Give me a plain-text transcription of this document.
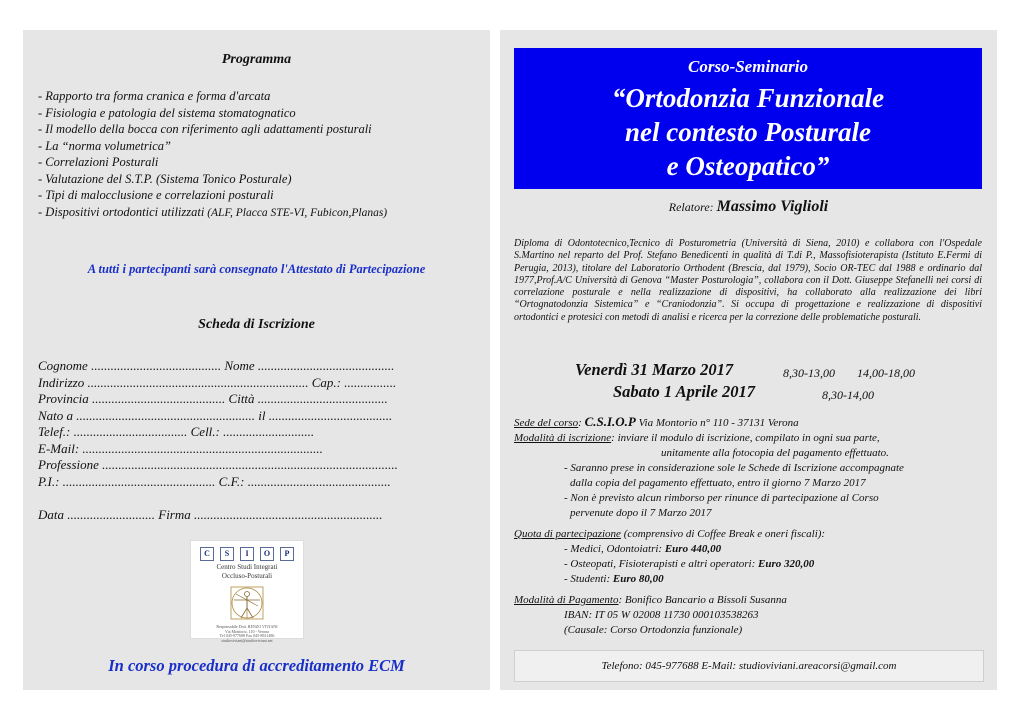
Programma
- Rapporto tra forma cranica e forma d'arcata
- Fisiologia e patologia del sistema stomatognatico
- Il modello della bocca con riferimento agli adattamenti posturali
- La “norma volumetrica”
- Correlazioni Posturali
- Valutazione del S.T.P. (Sistema Tonico Posturale)
- Tipi di malocclusione e correlazioni posturali
- Dispositivi ortodontici utilizzati (ALF, Placca STE-VI, Fubicon,Planas)
A tutti i partecipanti sarà consegnato l'Attestato di Partecipazione
Scheda di Iscrizione
Cognome ........................................ Nome ..........................................
Indirizzo .................................................................... Cap.: ................
Provincia ......................................... Città ........................................
Nato a ....................................................... il ......................................
Telef.: ................................... Cell.: ............................
E-Mail: ..........................................................................
Professione ...........................................................................................
P.I.: ............................................... C.F.: ............................................
Data ........................... Firma ..........................................................
C S I O P
Centro Studi Integrati
Occluso-Posturali
Responsabile Dott. RENZO VIVIANI
Via Montorio, 110 - Verona
Tel 045-977688 Fax 045-8921486 studioviviani@studioviviani.net
In corso procedura di accreditamento ECM
Corso-Seminario
“Ortodonzia Funzionale
nel contesto Posturale
e Osteopatico”
Relatore: Massimo Viglioli
Diploma di Odontotecnico,Tecnico di Posturometria (Università di Siena, 2010) e collabora con l'Ospedale S.Martino nel reparto del Prof. Stefano Benedicenti in qualità di T.di P., Massofisioterapista (Istituto E.Fermi di Perugia, 2013), titolare del Laboratorio Orthodent (Brescia, dal 1979), Socio OR-TEC dal 1988 e ordinario dal 1977,Prof.A/C Università di Genova “Master Posturologia”, collabora con il Dott. Giuseppe Stefanelli nei corsi di correlazione posturale e nella realizzazione di dispositivi, ha collaborato alla realizzazione dei libri “Ortognatodonzia Sistemica” e “Craniodonzia”. Si occupa di progettazione e realizzazione di dispositivi ortodontici e protesici con metodi di analisi e ricerca per la correzione delle problematiche posturali.
Venerdì 31 Marzo 2017	8,30-13,00 14,00-18,00
Sabato 1 Aprile 2017	8,30-14,00
Sede del corso: C.S.I.O.P Via Montorio n° 110 - 37131 Verona
Modalità di iscrizione: inviare il modulo di iscrizione, compilato in ogni sua parte,
unitamente alla fotocopia del pagamento effettuato.
- Saranno prese in considerazione sole le Schede di Iscrizione accompagnate
dalla copia del pagamento effettuato, entro il giorno 7 Marzo 2017
- Non è previsto alcun rimborso per rinunce di partecipazione al Corso
pervenute dopo il 7 Marzo 2017
Quota di partecipazione (comprensivo di Coffee Break e oneri fiscali):
- Medici, Odontoiatri: Euro 440,00
- Osteopati, Fisioterapisti e altri operatori: Euro 320,00
- Studenti: Euro 80,00
Modalità di Pagamento: Bonifico Bancario a Bissoli Susanna
IBAN: IT 05 W 02008 11730 000103538263
(Causale: Corso Ortodonzia funzionale)
Telefono: 045-977688 E-Mail: studioviviani.areacorsi@gmail.com
